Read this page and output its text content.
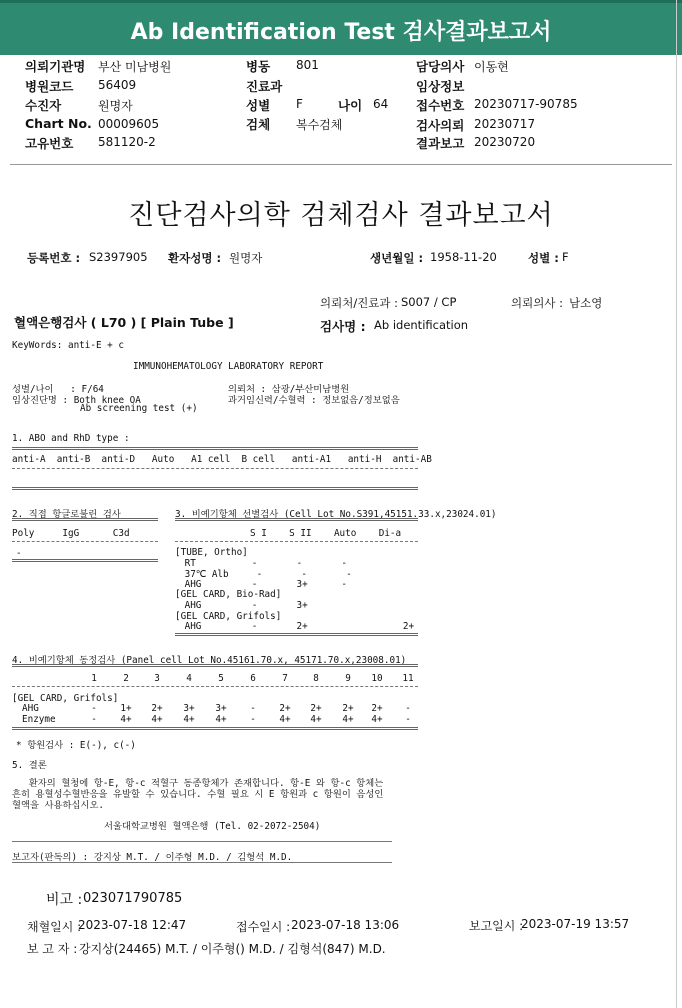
Ab Identification Test 검사결과보고서
의뢰기관명 부산 미남병원	병동 801	담당의사 이동현
병원코드 56409	진료과	임상정보
수진자	원명자	성별 F	나이 64 접수번호 20230717-90785
Chart No. 00009605	검체 복수검체	검사의뢰 20230717
고유번호 581120-2	결과보고 20230720
진단검사의학 검체검사 결과보고서
등록번호 : S2397905 환자성명 : 원명자	생년월일 : 1958-11-20	성별 : F
의뢰처/진료과 : S007 / CP	의뢰의사 : 남소영
혈액은행검사 ( L70 ) [ Plain Tube ]	검사명 : Ab identification
KeyWords: anti-E + c
IMMUNOHEMATOLOGY LABORATORY REPORT
성별/나이   : F/64	의뢰처 : 삼광/부산미남병원
임상진단명 : Both knee OA	과거임신력/수혈력 : 정보없음/정보없음
Ab screening test (+)
1. ABO and RhD type :
anti-A  anti-B  anti-D   Auto   A1 cell  B cell   anti-A1   anti-H  anti-AB
2. 직접 항글로불린 검사
Poly     IgG      C3d
-
3. 비예기항체 선별검사 (Cell Lot No.S391,45151.33.x,23024.01)
S I    S II    Auto    Di-a
[TUBE, Ortho]
RT          -       -       -
37℃ Alb     -       -       -
AHG         -       3+      -
[GEL CARD, Bio-Rad]
AHG         -       3+
[GEL CARD, Grifols]
AHG         -       2+                 2+
4. 비예기항체 동정검사 (Panel cell Lot No.45161.70.x, 45171.70.x,23008.01)
1	2	3	4	5	6	7	8	9	10	11
[GEL CARD, Grifols]
AHG	-	1+	2+	3+	3+	-	2+	2+	2+	2+	-
Enzyme	-	4+	4+	4+	4+	-	4+	4+	4+	4+	-
* 항원검사 : E(-), c(-)
5. 결론
환자의 혈청에 항-E, 항-c 적혈구 동종항체가 존재합니다. 항-E 와 항-c 항체는
흔히 용혈성수혈반응을 유발할 수 있습니다. 수혈 필요 시 E 항원과 c 항원이 음성인
혈액을 사용하십시오.
서울대학교병원 혈액은행 (Tel. 02-2072-2504)
보고자(판독의) : 강지상 M.T. / 이주형 M.D. / 김형석 M.D.
비고 : 023071790785
채혈일시 :
2023-07-18 12:47	접수일시 : 2023-07-18 13:06	보고일시 :
2023-07-19 13:57
보 고 자 : 강지상(24465) M.T. / 이주형() M.D. / 김형석(847) M.D.
